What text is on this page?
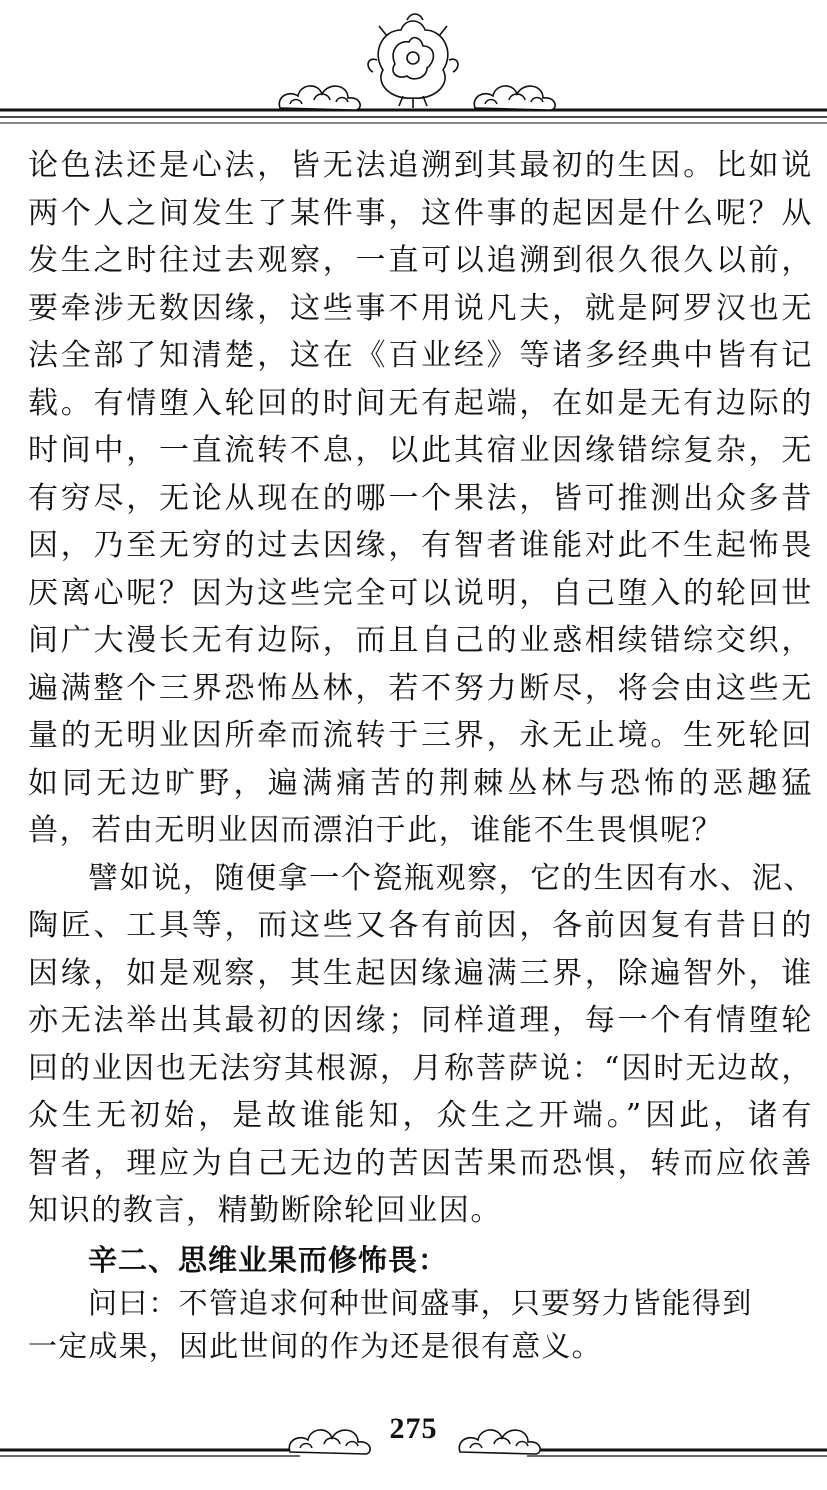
论色法还是心法，皆无法追溯到其最初的生因。比如说
两个人之间发生了某件事，这件事的起因是什么呢？从
发生之时往过去观察，一直可以追溯到很久很久以前，
要牵涉无数因缘，这些事不用说凡夫，就是阿罗汉也无
法全部了知清楚，这在《百业经》等诸多经典中皆有记
载。有情堕入轮回的时间无有起端，在如是无有边际的
时间中，一直流转不息，以此其宿业因缘错综复杂，无
有穷尽，无论从现在的哪一个果法，皆可推测出众多昔
因，乃至无穷的过去因缘，有智者谁能对此不生起怖畏
厌离心呢？因为这些完全可以说明，自己堕入的轮回世
间广大漫长无有边际，而且自己的业惑相续错综交织，
遍满整个三界恐怖丛林，若不努力断尽，将会由这些无
量的无明业因所牵而流转于三界，永无止境。生死轮回
如同无边旷野，遍满痛苦的荆棘丛林与恐怖的恶趣猛
兽，若由无明业因而漂泊于此，谁能不生畏惧呢？
譬如说，随便拿一个瓷瓶观察，它的生因有水、泥、
陶匠、工具等，而这些又各有前因，各前因复有昔日的
因缘，如是观察，其生起因缘遍满三界，除遍智外，谁
亦无法举出其最初的因缘；同样道理，每一个有情堕轮
回的业因也无法穷其根源，月称菩萨说：“因时无边故，
众生无初始，是故谁能知，众生之开端。”因此，诸有
智者，理应为自己无边的苦因苦果而恐惧，转而应依善
知识的教言，精勤断除轮回业因。
辛二、思维业果而修怖畏：
问曰：不管追求何种世间盛事，只要努力皆能得到
一定成果，因此世间的作为还是很有意义。
275
